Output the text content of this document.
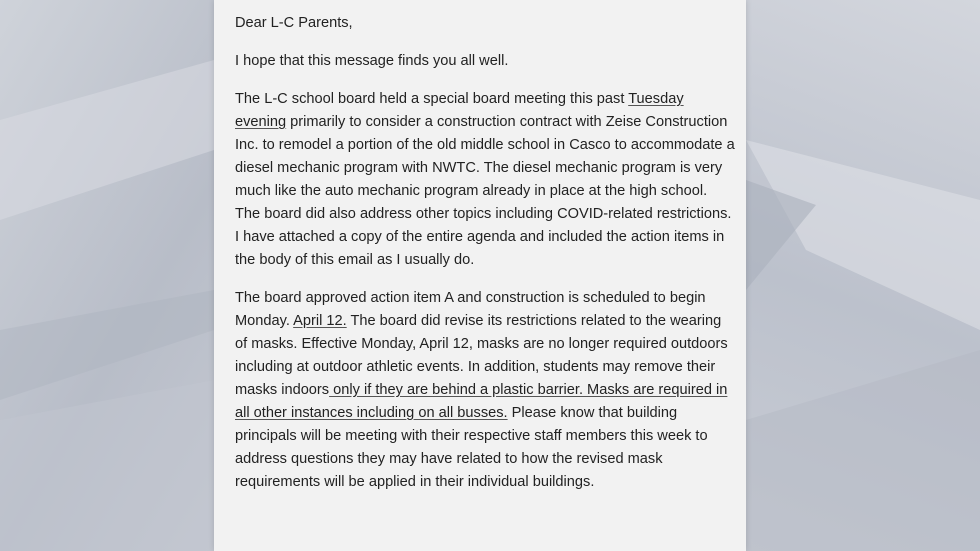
Dear L-C Parents,

I hope that this message finds you all well.

The L-C school board held a special board meeting this past Tuesday evening primarily to consider a construction contract with Zeise Construction Inc. to remodel a portion of the old middle school in Casco to accommodate a diesel mechanic program with NWTC. The diesel mechanic program is very much like the auto mechanic program already in place at the high school. The board did also address other topics including COVID-related restrictions. I have attached a copy of the entire agenda and included the action items in the body of this email as I usually do.

The board approved action item A and construction is scheduled to begin Monday. April 12. The board did revise its restrictions related to the wearing of masks. Effective Monday, April 12, masks are no longer required outdoors including at outdoor athletic events. In addition, students may remove their masks indoors only if they are behind a plastic barrier. Masks are required in all other instances including on all busses. Please know that building principals will be meeting with their respective staff members this week to address questions they may have related to how the revised mask requirements will be applied in their individual buildings.
